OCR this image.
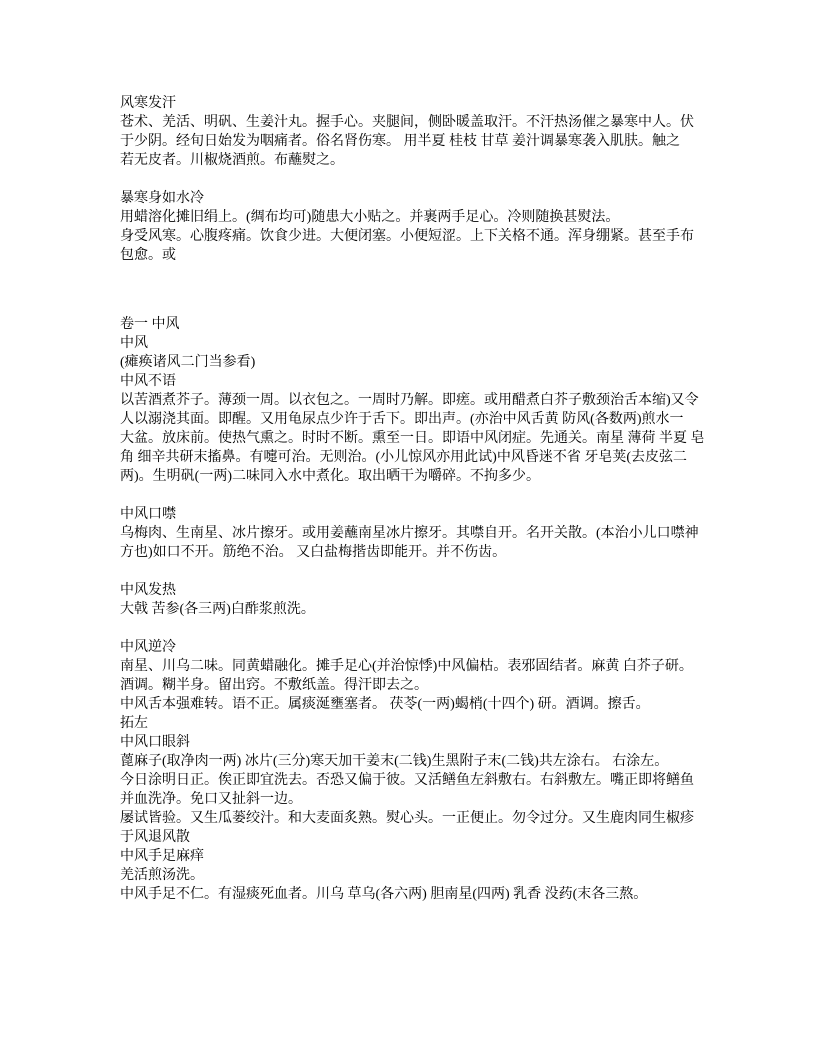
风寒发汗
苍术、羌活、明矾、生姜汁丸。握手心。夹腿间，侧卧暖盖取汗。不汗热汤催之暴寒中人。伏
于少阴。经旬日始发为咽痛者。俗名肾伤寒。 用半夏 桂枝 甘草 姜汁调暴寒袭入肌肤。触之
若无皮者。川椒烧酒煎。布蘸熨之。
暴寒身如水冷
用蜡溶化摊旧绢上。(绸布均可)随患大小贴之。并裹两手足心。冷则随换甚熨法。
身受风寒。心腹疼痛。饮食少进。大便闭塞。小便短涩。上下关格不通。浑身绷紧。甚至手布
包愈。或
卷一 中风
中风
(瘫痪诸风二门当参看)
中风不语
以苦酒煮芥子。薄颈一周。以衣包之。一周时乃解。即瘥。或用醋煮白芥子敷颈治舌本缩)又令
人以溺浇其面。即醒。又用龟尿点少许于舌下。即出声。(亦治中风舌黄 防风(各数两)煎水一
大盆。放床前。使热气熏之。时时不断。熏至一日。即语中风闭症。先通关。南星 薄荷 半夏 皂
角 细辛共研末搐鼻。有嚏可治。无则治。(小儿惊风亦用此试)中风昏迷不省 牙皂荚(去皮弦二
两)。生明矾(一两)二味同入水中煮化。取出晒干为嚼碎。不拘多少。
中风口噤
乌梅肉、生南星、冰片擦牙。或用姜蘸南星冰片擦牙。其噤自开。名开关散。(本治小儿口噤神
方也)如口不开。筋绝不治。 又白盐梅揩齿即能开。并不伤齿。
中风发热
大戟 苦参(各三两)白酢浆煎洗。
中风逆冷
南星、川乌二味。同黄蜡融化。摊手足心(并治惊悸)中风偏枯。表邪固结者。麻黄 白芥子研。
酒调。糊半身。留出窍。不敷纸盖。得汗即去之。
中风舌本强难转。语不正。属痰涎壅塞者。 茯苓(一两)蝎梢(十四个) 研。酒调。擦舌。
拓左
中风口眼斜
蓖麻子(取净肉一两) 冰片(三分)寒天加干姜末(二钱)生黑附子末(二钱)共左涂右。 右涂左。
今日涂明日正。俟正即宜洗去。否恐又偏于彼。又活鳝鱼左斜敷右。右斜敷左。嘴正即将鳝鱼
并血洗净。免口又扯斜一边。
屡试皆验。又生瓜蒌绞汁。和大麦面炙熟。熨心头。一正便止。勿令过分。又生鹿肉同生椒疹
于风退风散
中风手足麻痒
羌活煎汤洗。
中风手足不仁。有湿痰死血者。川乌 草乌(各六两) 胆南星(四两) 乳香 没药(末各三熬。
